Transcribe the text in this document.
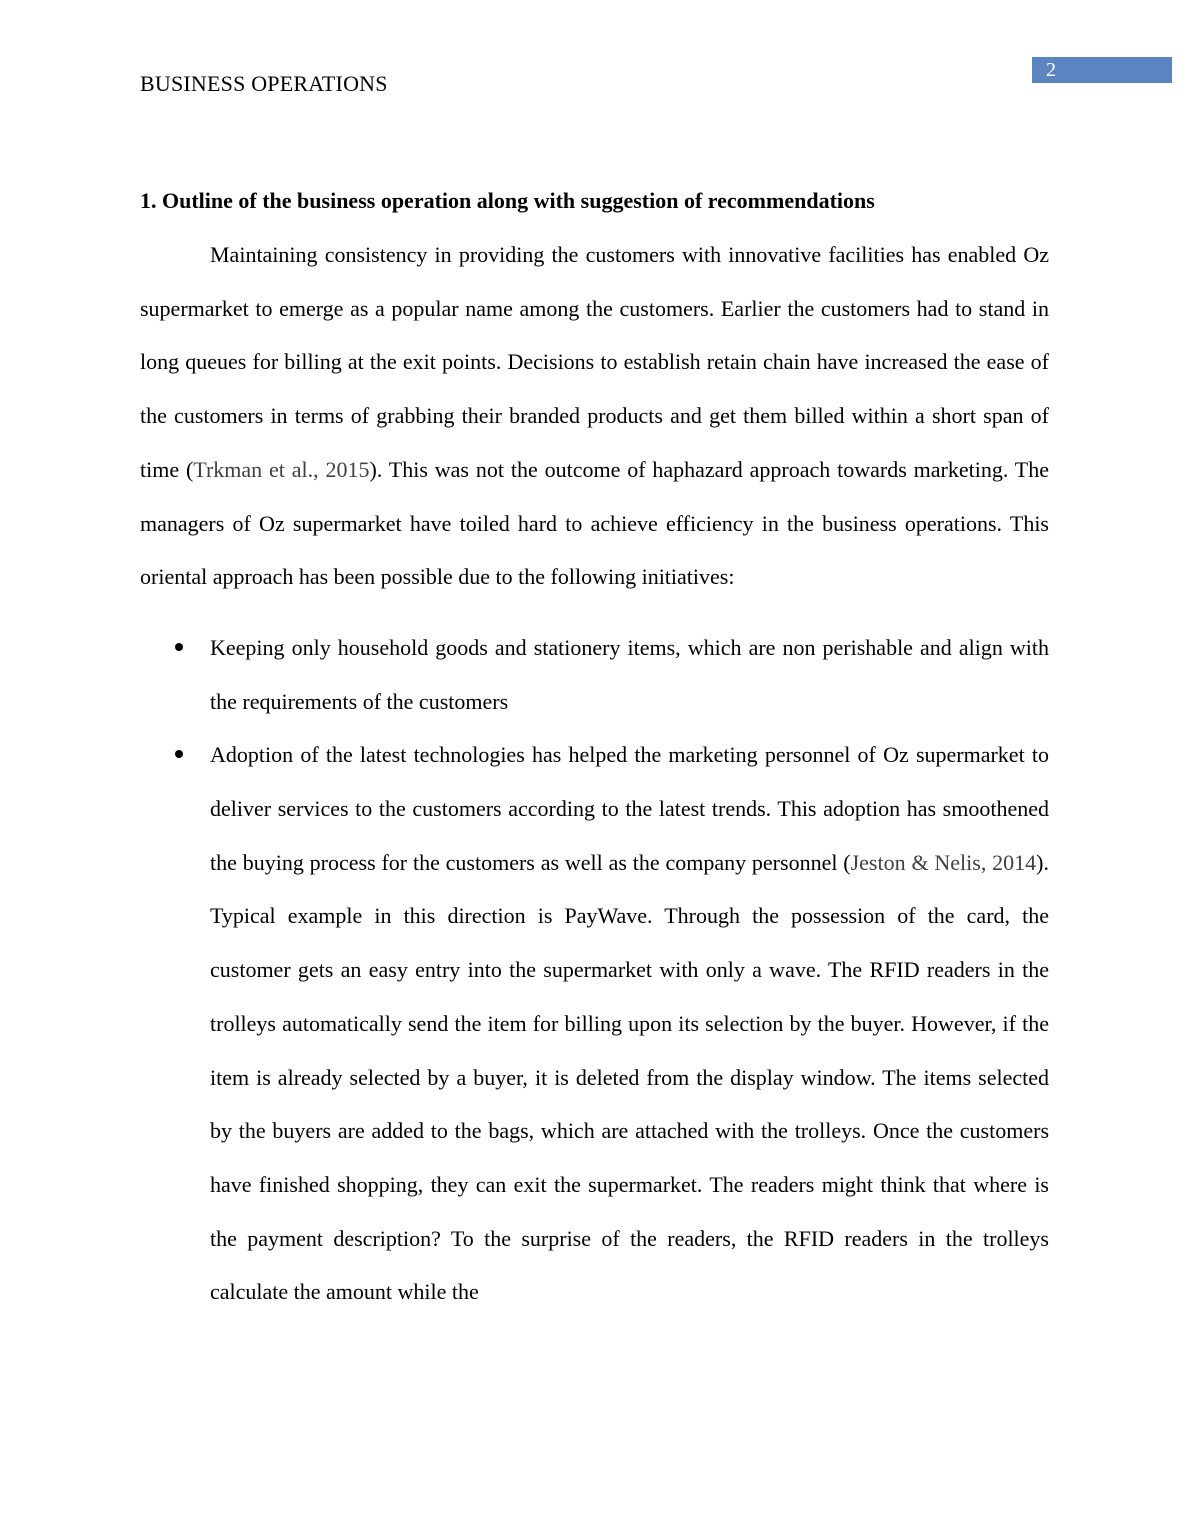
2
BUSINESS OPERATIONS

1. Outline of the business operation along with suggestion of recommendations

Maintaining consistency in providing the customers with innovative facilities has enabled Oz supermarket to emerge as a popular name among the customers. Earlier the customers had to stand in long queues for billing at the exit points. Decisions to establish retain chain have increased the ease of the customers in terms of grabbing their branded products and get them billed within a short span of time (Trkman et al., 2015). This was not the outcome of haphazard approach towards marketing. The managers of Oz supermarket have toiled hard to achieve efficiency in the business operations. This oriental approach has been possible due to the following initiatives:

Keeping only household goods and stationery items, which are non perishable and align with the requirements of the customers
Adoption of the latest technologies has helped the marketing personnel of Oz supermarket to deliver services to the customers according to the latest trends. This adoption has smoothened the buying process for the customers as well as the company personnel (Jeston & Nelis, 2014). Typical example in this direction is PayWave. Through the possession of the card, the customer gets an easy entry into the supermarket with only a wave. The RFID readers in the trolleys automatically send the item for billing upon its selection by the buyer. However, if the item is already selected by a buyer, it is deleted from the display window. The items selected by the buyers are added to the bags, which are attached with the trolleys. Once the customers have finished shopping, they can exit the supermarket. The readers might think that where is the payment description? To the surprise of the readers, the RFID readers in the trolleys calculate the amount while the
